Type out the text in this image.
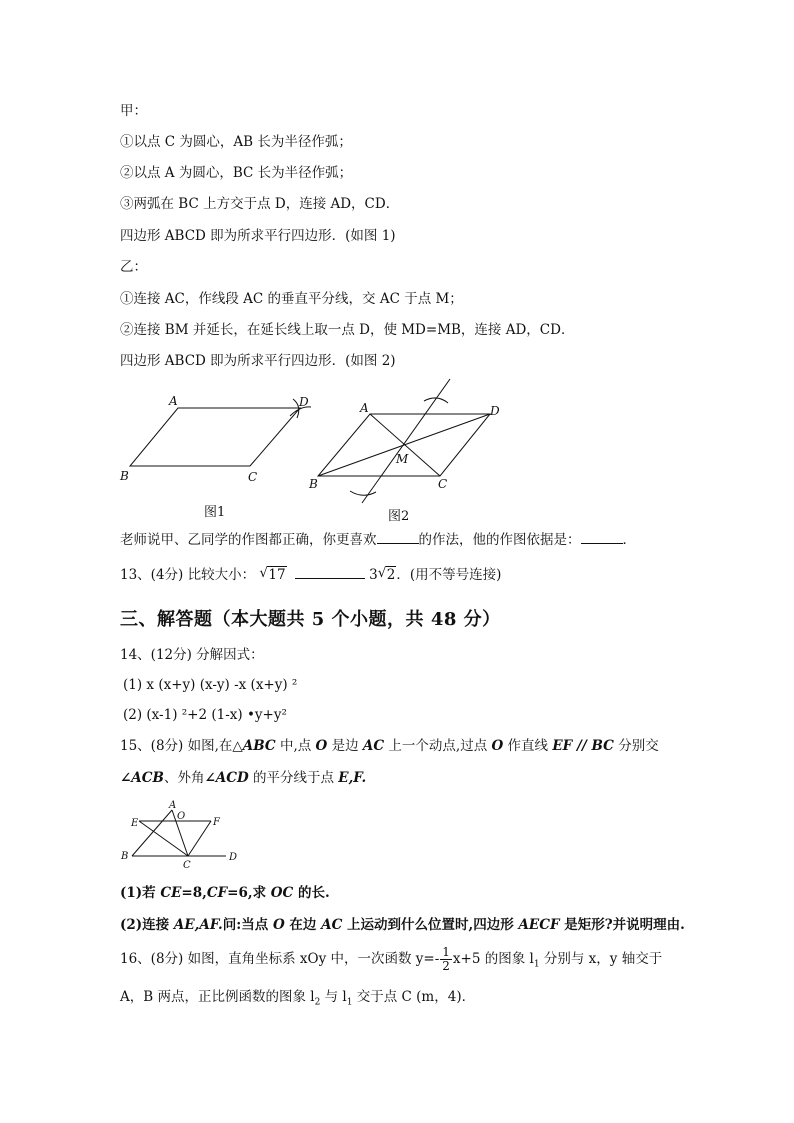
甲：
①以点 C 为圆心，AB 长为半径作弧；
②以点 A 为圆心，BC 长为半径作弧；
③两弧在 BC 上方交于点 D，连接 AD，CD．
四边形 ABCD 即为所求平行四边形．(如图 1)
乙：
①连接 AC，作线段 AC 的垂直平分线，交 AC 于点 M；
②连接 BM 并延长，在延长线上取一点 D，使 MD=MB，连接 AD，CD．
四边形 ABCD 即为所求平行四边形．(如图 2)
A	D
B	C
图1
A	D
M
B	C
图2
老师说甲、乙同学的作图都正确，你更喜欢	的作法，他的作图依据是：	．
13、(4分) 比较大小： √ 17	3 √ 2．(用不等号连接)
三、解答题（本大题共 5 个小题，共 48 分）
14、(12分) 分解因式：
(1) x (x+y) (x-y) -x (x+y) ²
(2) (x-1) ²+2 (1-x) •y+y²
15、(8分) 如图,在△ABC 中,点 O 是边 AC 上一个动点,过点 O 作直线 EF // BC 分别交
∠ACB、外角∠ACD 的平分线于点 E,F.
A
O
E	F
B
C
D
(1)若 CE=8,CF=6,求 OC 的长.
(2)连接 AE,AF.问:当点 O 在边 AC 上运动到什么位置时,四边形 AECF 是矩形?并说明理由.
16、(8分) 如图，直角坐标系 xOy 中，一次函数 $y=- \frac{1}{2} x+5$ 的图象 $l_1$ 分别与 x，y 轴交于
A，B 两点，正比例函数的图象 $l_2$ 与 $l_1$ 交于点 C (m，4)．
